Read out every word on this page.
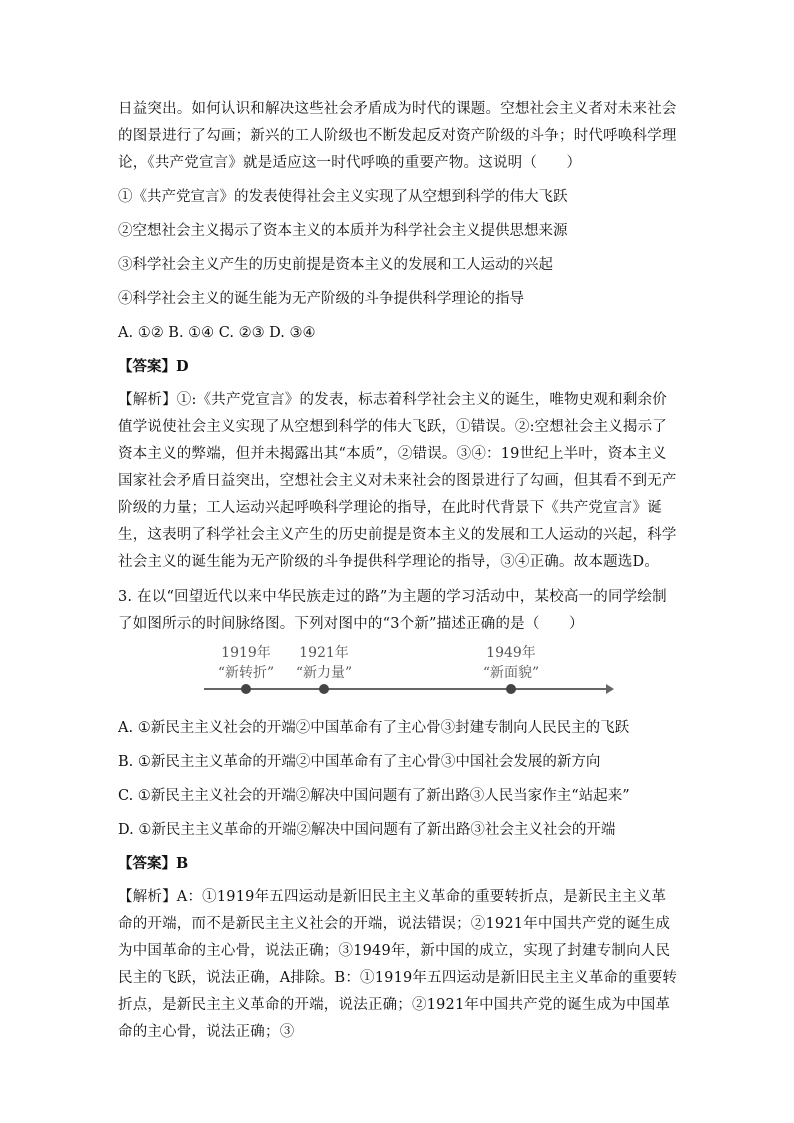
日益突出。如何认识和解决这些社会矛盾成为时代的课题。空想社会主义者对未来社会的图景进行了勾画；新兴的工人阶级也不断发起反对资产阶级的斗争；时代呼唤科学理论，《共产党宣言》就是适应这一时代呼唤的重要产物。这说明（　　）
①《共产党宣言》的发表使得社会主义实现了从空想到科学的伟大飞跃
②空想社会主义揭示了资本主义的本质并为科学社会主义提供思想来源
③科学社会主义产生的历史前提是资本主义的发展和工人运动的兴起
④科学社会主义的诞生能为无产阶级的斗争提供科学理论的指导
A. ①② B. ①④ C. ②③ D. ③④
【答案】D
【解析】①:《共产党宣言》的发表，标志着科学社会主义的诞生，唯物史观和剩余价值学说使社会主义实现了从空想到科学的伟大飞跃，①错误。②:空想社会主义揭示了资本主义的弊端，但并未揭露出其“本质”，②错误。③④：19世纪上半叶，资本主义国家社会矛盾日益突出，空想社会主义对未来社会的图景进行了勾画，但其看不到无产阶级的力量；工人运动兴起呼唤科学理论的指导，在此时代背景下《共产党宣言》诞生，这表明了科学社会主义产生的历史前提是资本主义的发展和工人运动的兴起，科学社会主义的诞生能为无产阶级的斗争提供科学理论的指导，③④正确。故本题选D。
3. 在以“回望近代以来中华民族走过的路”为主题的学习活动中，某校高一的同学绘制了如图所示的时间脉络图。下列对图中的“3个新”描述正确的是（　　）
1919年
“新转折”
1921年
“新力量”
1949年
“新面貌”
A. ①新民主主义社会的开端②中国革命有了主心骨③封建专制向人民民主的飞跃
B. ①新民主主义革命的开端②中国革命有了主心骨③中国社会发展的新方向
C. ①新民主主义社会的开端②解决中国问题有了新出路③人民当家作主“站起来”
D. ①新民主主义革命的开端②解决中国问题有了新出路③社会主义社会的开端
【答案】B
【解析】A：①1919年五四运动是新旧民主主义革命的重要转折点，是新民主主义革命的开端，而不是新民主主义社会的开端，说法错误；②1921年中国共产党的诞生成为中国革命的主心骨，说法正确；③1949年，新中国的成立，实现了封建专制向人民民主的飞跃，说法正确，A排除。B：①1919年五四运动是新旧民主主义革命的重要转折点，是新民主主义革命的开端，说法正确；②1921年中国共产党的诞生成为中国革命的主心骨，说法正确；③
